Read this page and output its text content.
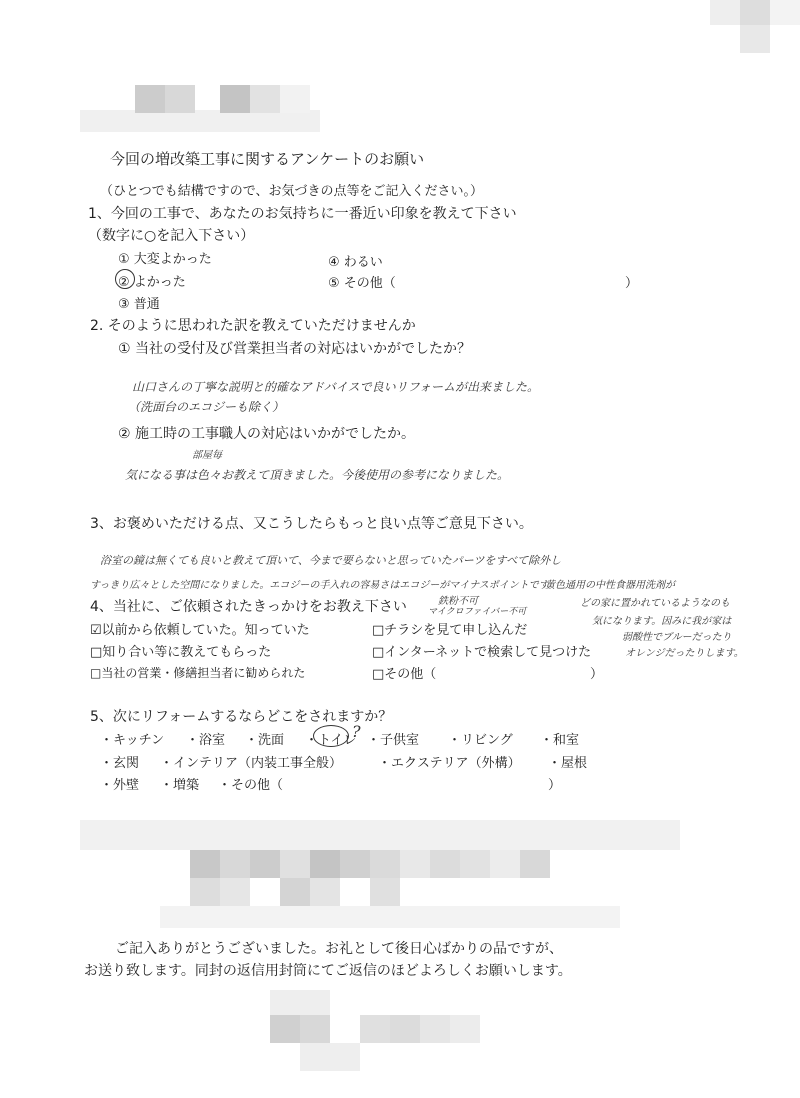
今回の増改築工事に関するアンケートのお願い
（ひとつでも結構ですので、お気づきの点等をご記入ください。）
1、今回の工事で、あなたのお気持ちに一番近い印象を教えて下さい
（数字に○を記入下さい）
① 大変よかった
② よかった
③ 普通
④ わるい
⑤ その他（	）
2. そのように思われた訳を教えていただけませんか
① 当社の受付及び営業担当者の対応はいかがでしたか？
山口さんの丁寧な説明と的確なアドバイスで良いリフォームが出来ました。
（洗面台のエコジーも除く）
② 施工時の工事職人の対応はいかがでしたか。
部屋毎
気になる事は色々お教えて頂きました。今後使用の参考になりました。
3、お褒めいただける点、又こうしたらもっと良い点等ご意見下さい。
浴室の鏡は無くても良いと教えて頂いて、今まで要らないと思っていたパーツをすべて除外し
すっきり広々とした空間になりました。エコジーの手入れの容易さはエコジーがマイナスポイントです。
黄色通用の中性食器用洗剤が
どの家に置かれているようなのも
気になります。因みに我が家は
弱酸性でブルーだったり
オレンジだったりします。
鉄粉不可
マイクロファイバー不可
4、当社に、ご依頼されたきっかけをお教え下さい
☑以前から依頼していた。知っていた	□チラシを見て申し込んだ
□知り合い等に教えてもらった	□インターネットで検索して見つけた
□当社の営業・修繕担当者に勧められた	□その他（	）
5、次にリフォームするならどこをされますか？
・キッチン ・浴室 ・洗面 ・トイレ
? ・子供室 ・リビング ・和室
・玄関 ・インテリア（内装工事全般）	・エクステリア（外構） ・屋根
・外壁 ・増築 ・その他（	）
ご記入ありがとうございました。お礼として後日心ばかりの品ですが、
お送り致します。同封の返信用封筒にてご返信のほどよろしくお願いします。
